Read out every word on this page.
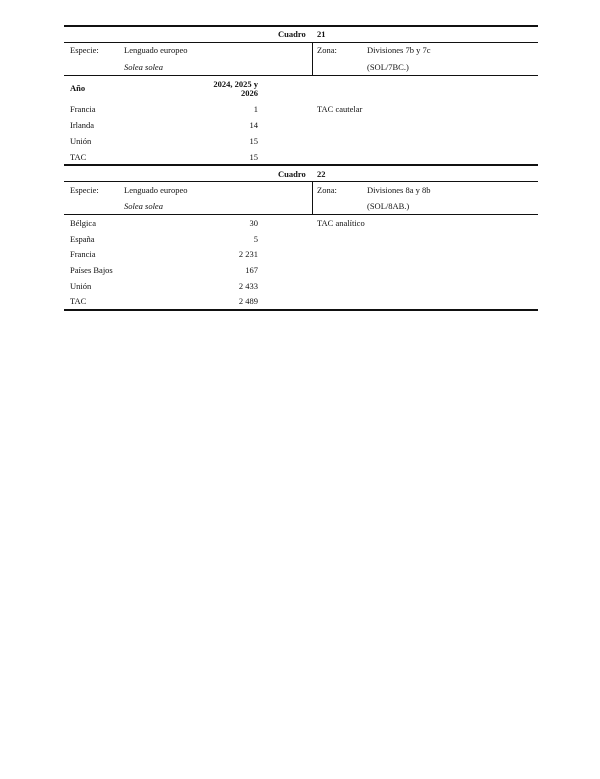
Cuadro 21
Especie:	Lenguado europeo
Solea solea
Zona:	Divisiones 7b y 7c
(SOL/7BC.)
Año	2024, 2025 y
2026
TAC cautelar
Francia	1
Irlanda	14
Unión	15
TAC	15
Cuadro 22
Especie:	Lenguado europeo
Solea solea
Zona:	Divisiones 8a y 8b
(SOL/8AB.)
TAC analítico
Bélgica	30
España	5
Francia	2 231
Países Bajos	167
Unión	2 433
TAC	2 489
